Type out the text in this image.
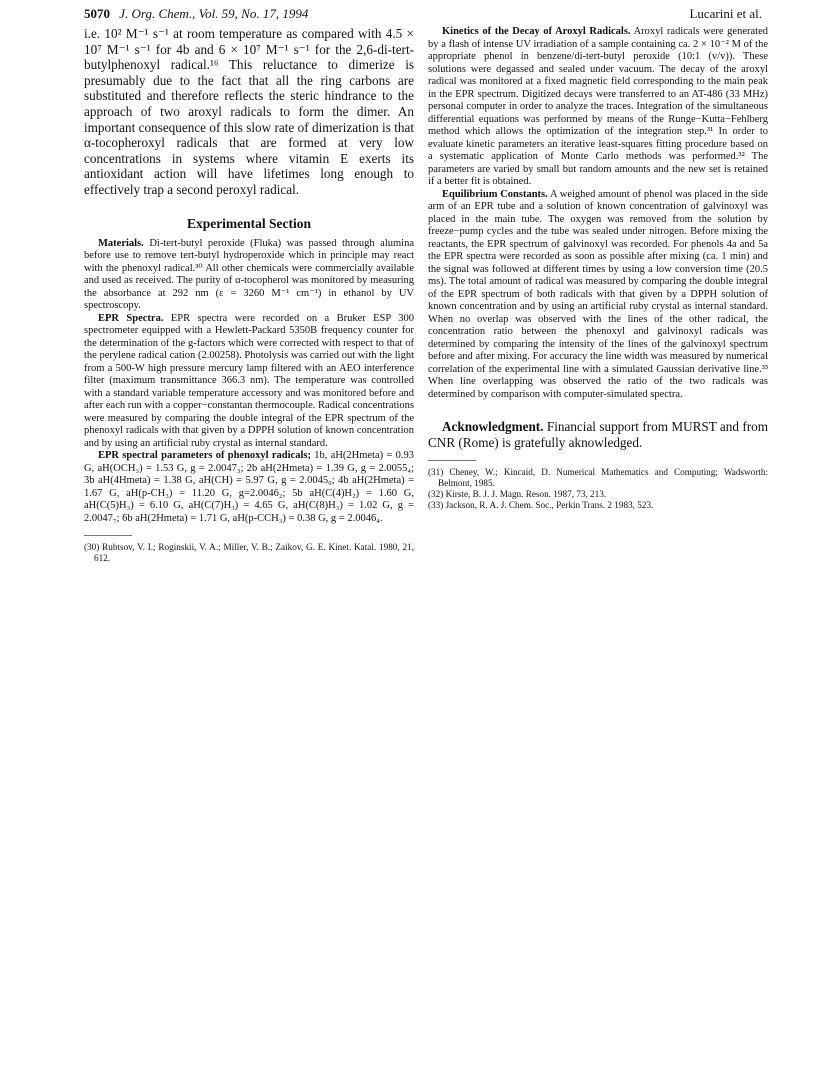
5070 J. Org. Chem., Vol. 59, No. 17, 1994	Lucarini et al.

i.e. 10² M⁻¹ s⁻¹ at room temperature as compared with 4.5 × 10⁷ M⁻¹ s⁻¹ for 4b and 6 × 10⁷ M⁻¹ s⁻¹ for the 2,6-di-tert-butylphenoxyl radical.¹⁶ This reluctance to dimerize is presumably due to the fact that all the ring carbons are substituted and therefore reflects the steric hindrance to the approach of two aroxyl radicals to form the dimer. An important consequence of this slow rate of dimerization is that α-tocopheroxyl radicals that are formed at very low concentrations in systems where vitamin E exerts its antioxidant action will have lifetimes long enough to effectively trap a second peroxyl radical.

Experimental Section

Materials. Di-tert-butyl peroxide (Fluka) was passed through alumina before use to remove tert-butyl hydroperoxide which in principle may react with the phenoxyl radical.³⁰ All other chemicals were commercially available and used as received. The purity of α-tocopherol was monitored by measuring the absorbance at 292 nm (ε = 3260 M⁻¹ cm⁻¹) in ethanol by UV spectroscopy.

EPR Spectra. EPR spectra were recorded on a Bruker ESP 300 spectrometer equipped with a Hewlett-Packard 5350B frequency counter for the determination of the g-factors which were corrected with respect to that of the perylene radical cation (2.00258). Photolysis was carried out with the light from a 500-W high pressure mercury lamp filtered with an AEO interference filter (maximum transmittance 366.3 nm). The temperature was controlled with a standard variable temperature accessory and was monitored before and after each run with a copper−constantan thermocouple. Radical concentrations were measured by comparing the double integral of the EPR spectrum of the phenoxyl radicals with that given by a DPPH solution of known concentration and by using an artificial ruby crystal as internal standard.

EPR spectral parameters of phenoxyl radicals; 1b, aH(2Hmeta) = 0.93 G, aH(OCH₃) = 1.53 G, g = 2.0047₃; 2b aH(2Hmeta) = 1.39 G, g = 2.0055₄; 3b aH(4Hmeta) = 1.38 G, aH(CH) = 5.97 G, g = 2.0045₀; 4b aH(2Hmeta) = 1.67 G, aH(p-CH₃) = 11.20 G, g=2.0046₂; 5b aH(C(4)H₂) = 1.60 G, aH(C(5)H₃) = 6.10 G, aH(C(7)H₃) = 4.65 G, aH(C(8)H₃) = 1.02 G, g = 2.0047₇; 6b aH(2Hmeta) = 1.71 G, aH(p-CCH₃) = 0.38 G, g = 2.0046₄.

(30) Rubtsov, V. I.; Roginskii, V. A.; Miller, V. B.; Zaikov, G. E. Kinet. Katal. 1980, 21, 612.

Kinetics of the Decay of Aroxyl Radicals. Aroxyl radicals were generated by a flash of intense UV irradiation of a sample containing ca. 2 × 10⁻² M of the appropriate phenol in benzene/di-tert-butyl peroxide (10:1 (v/v)). These solutions were degassed and sealed under vacuum. The decay of the aroxyl radical was monitored at a fixed magnetic field corresponding to the main peak in the EPR spectrum. Digitized decays were transferred to an AT-486 (33 MHz) personal computer in order to analyze the traces. Integration of the simultaneous differential equations was performed by means of the Runge−Kutta−Fehlberg method which allows the optimization of the integration step.³¹ In order to evaluate kinetic parameters an iterative least-squares fitting procedure based on a systematic application of Monte Carlo methods was performed.³² The parameters are varied by small but random amounts and the new set is retained if a better fit is obtained.

Equilibrium Constants. A weighed amount of phenol was placed in the side arm of an EPR tube and a solution of known concentration of galvinoxyl was placed in the main tube. The oxygen was removed from the solution by freeze−pump cycles and the tube was sealed under nitrogen. Before mixing the reactants, the EPR spectrum of galvinoxyl was recorded. For phenols 4a and 5a the EPR spectra were recorded as soon as possible after mixing (ca. 1 min) and the signal was followed at different times by using a low conversion time (20.5 ms). The total amount of radical was measured by comparing the double integral of the EPR spectrum of both radicals with that given by a DPPH solution of known concentration and by using an artificial ruby crystal as internal standard. When no overlap was observed with the lines of the other radical, the concentration ratio between the phenoxyl and galvinoxyl radicals was determined by comparing the intensity of the lines of the galvinoxyl spectrum before and after mixing. For accuracy the line width was measured by numerical correlation of the experimental line with a simulated Gaussian derivative line.³³ When line overlapping was observed the ratio of the two radicals was determined by comparison with computer-simulated spectra.

Acknowledgment. Financial support from MURST and from CNR (Rome) is gratefully aknowledged.

(31) Cheney, W.; Kincaid, D. Numerical Mathematics and Computing; Wadsworth: Belmont, 1985.

(32) Kirste, B. J. J. Magn. Reson. 1987, 73, 213.

(33) Jackson, R. A. J. Chem. Soc., Perkin Trans. 2 1983, 523.
